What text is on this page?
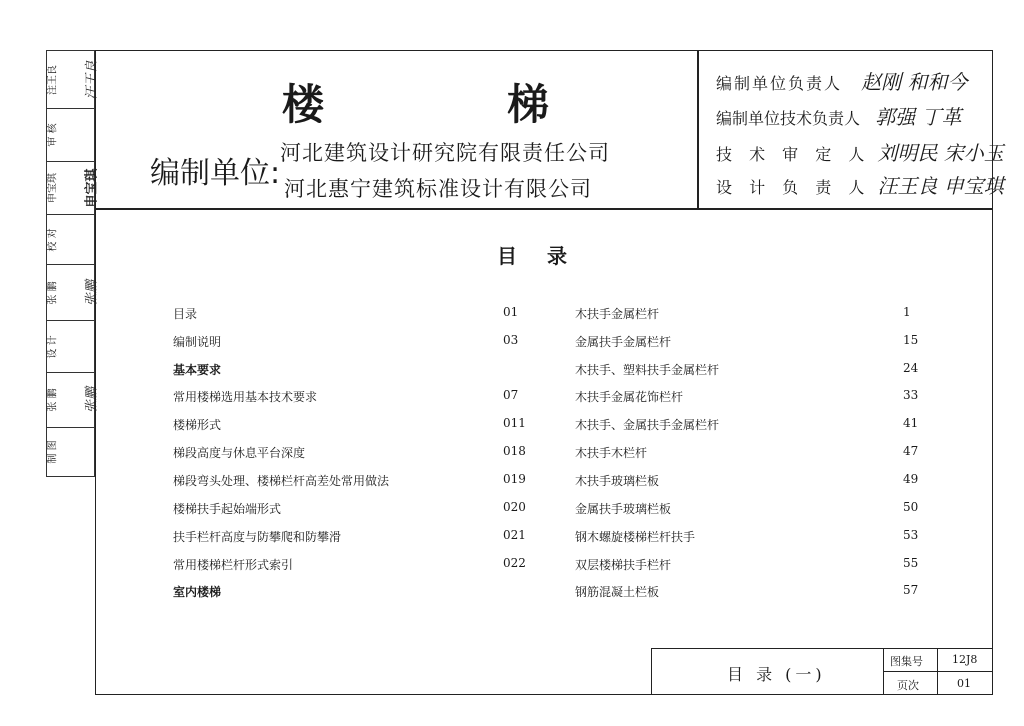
注王良	汪王良
审 核
申宝琪	申宝琪
校 对
张 鹏	张鹏
设 计
张 鹏	张鹏
制 图
楼	梯
编制单位:
河北建筑设计研究院有限责任公司
河北惠宁建筑标准设计有限公司
编制单位负责人 赵刚 和和今
编制单位技术负责人 郭强 丁革
技 术 审 定 人 刘明民 宋小玉
设 计 负 责 人 汪王良 申宝琪
目录
目录	01
编制说明	03
基本要求
常用楼梯选用基本技术要求	07
楼梯形式	011
梯段高度与休息平台深度	018
梯段弯头处理、楼梯栏杆高差处常用做法	019
楼梯扶手起始端形式	020
扶手栏杆高度与防攀爬和防攀滑	021
常用楼梯栏杆形式索引	022
室内楼梯
木扶手金属栏杆	1
金属扶手金属栏杆	15
木扶手、塑料扶手金属栏杆	24
木扶手金属花饰栏杆	33
木扶手、金属扶手金属栏杆	41
木扶手木栏杆	47
木扶手玻璃栏板	49
金属扶手玻璃栏板	50
钢木螺旋楼梯栏杆扶手	53
双层楼梯扶手栏杆	55
钢筋混凝土栏板	57
目 录 (一)
图集号	12J8
页次	01
